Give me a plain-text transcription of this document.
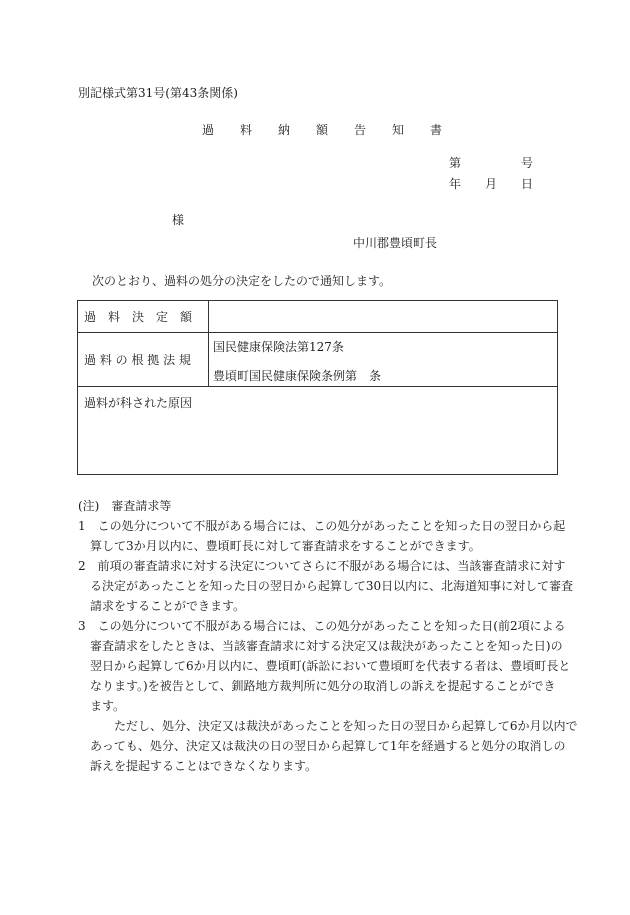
別記様式第31号(第43条関係)
過	料	納	額	告	知	書
第	号
年 月 日
様
中川郡豊頃町長
次のとおり、過料の処分の決定をしたので通知します。
過　料　決　定　額	

過 料 の 根 拠 法 規	国民健康保険法第127条
豊頃町国民健康保険条例第　条

過料が科された原因	
(注)　審査請求等
1　この処分について不服がある場合には、この処分があったことを知った日の翌日から起
　算して3か月以内に、豊頃町長に対して審査請求をすることができます。
2　前項の審査請求に対する決定についてさらに不服がある場合には、当該審査請求に対す
　る決定があったことを知った日の翌日から起算して30日以内に、北海道知事に対して審査
　請求をすることができます。
3　この処分について不服がある場合には、この処分があったことを知った日(前2項による
　審査請求をしたときは、当該審査請求に対する決定又は裁決があったことを知った日)の
　翌日から起算して6か月以内に、豊頃町(訴訟において豊頃町を代表する者は、豊頃町長と
　なります。)を被告として、釧路地方裁判所に処分の取消しの訴えを提起することができ
　ます。
　　　ただし、処分、決定又は裁決があったことを知った日の翌日から起算して6か月以内で
　あっても、処分、決定又は裁決の日の翌日から起算して1年を経過すると処分の取消しの
　訴えを提起することはできなくなります。
